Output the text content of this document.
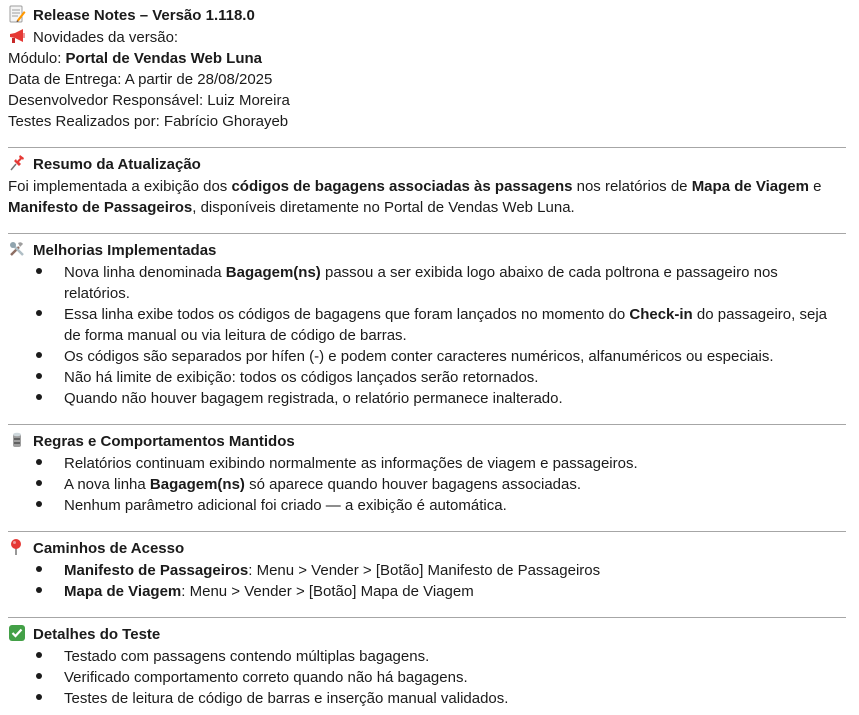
Release Notes – Versão 1.118.0
Novidades da versão:
Módulo: Portal de Vendas Web Luna
Data de Entrega: A partir de 28/08/2025
Desenvolvedor Responsável: Luiz Moreira
Testes Realizados por: Fabrício Ghorayeb
Resumo da Atualização
Foi implementada a exibição dos códigos de bagagens associadas às passagens nos relatórios de Mapa de Viagem e
Manifesto de Passageiros, disponíveis diretamente no Portal de Vendas Web Luna.
Melhorias Implementadas
Nova linha denominada Bagagem(ns) passou a ser exibida logo abaixo de cada poltrona e passageiro nos
relatórios.
Essa linha exibe todos os códigos de bagagens que foram lançados no momento do Check-in do passageiro, seja
de forma manual ou via leitura de código de barras.
Os códigos são separados por hífen (-) e podem conter caracteres numéricos, alfanuméricos ou especiais.
Não há limite de exibição: todos os códigos lançados serão retornados.
Quando não houver bagagem registrada, o relatório permanece inalterado.
Regras e Comportamentos Mantidos
Relatórios continuam exibindo normalmente as informações de viagem e passageiros.
A nova linha Bagagem(ns) só aparece quando houver bagagens associadas.
Nenhum parâmetro adicional foi criado — a exibição é automática.
Caminhos de Acesso
Manifesto de Passageiros: Menu > Vender > [Botão] Manifesto de Passageiros
Mapa de Viagem: Menu > Vender > [Botão] Mapa de Viagem
Detalhes do Teste
Testado com passagens contendo múltiplas bagagens.
Verificado comportamento correto quando não há bagagens.
Testes de leitura de código de barras e inserção manual validados.
